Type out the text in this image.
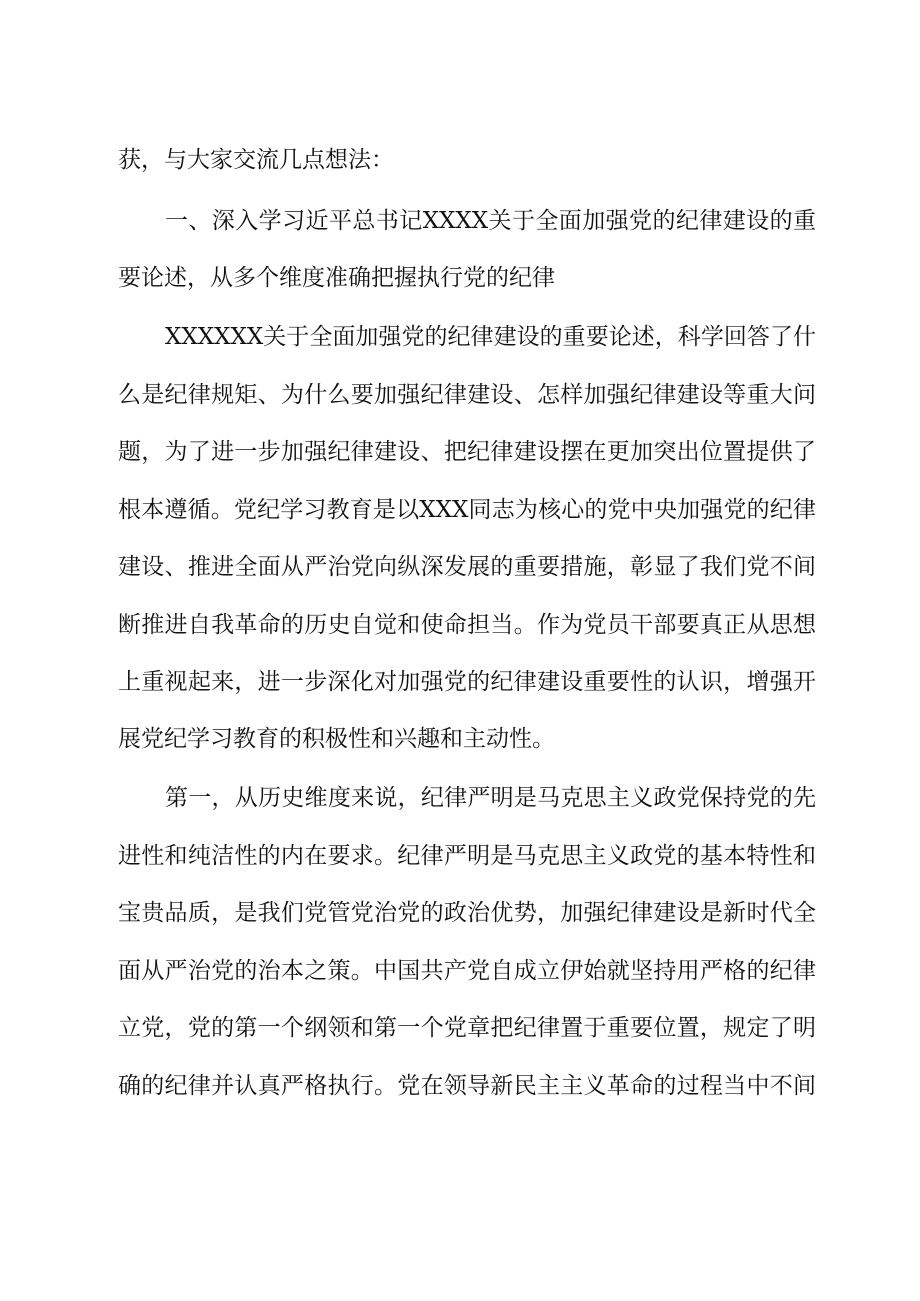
获，与大家交流几点想法：
一、深入学习近平总书记XXXX关于全面加强党的纪律建设的重
要论述，从多个维度准确把握执行党的纪律
XXXXXX关于全面加强党的纪律建设的重要论述，科学回答了什
么是纪律规矩、为什么要加强纪律建设、怎样加强纪律建设等重大问
题，为了进一步加强纪律建设、把纪律建设摆在更加突出位置提供了
根本遵循。党纪学习教育是以XXX同志为核心的党中央加强党的纪律
建设、推进全面从严治党向纵深发展的重要措施，彰显了我们党不间
断推进自我革命的历史自觉和使命担当。作为党员干部要真正从思想
上重视起来，进一步深化对加强党的纪律建设重要性的认识，增强开
展党纪学习教育的积极性和兴趣和主动性。
第一，从历史维度来说，纪律严明是马克思主义政党保持党的先
进性和纯洁性的内在要求。纪律严明是马克思主义政党的基本特性和
宝贵品质，是我们党管党治党的政治优势，加强纪律建设是新时代全
面从严治党的治本之策。中国共产党自成立伊始就坚持用严格的纪律
立党，党的第一个纲领和第一个党章把纪律置于重要位置，规定了明
确的纪律并认真严格执行。党在领导新民主主义革命的过程当中不间
